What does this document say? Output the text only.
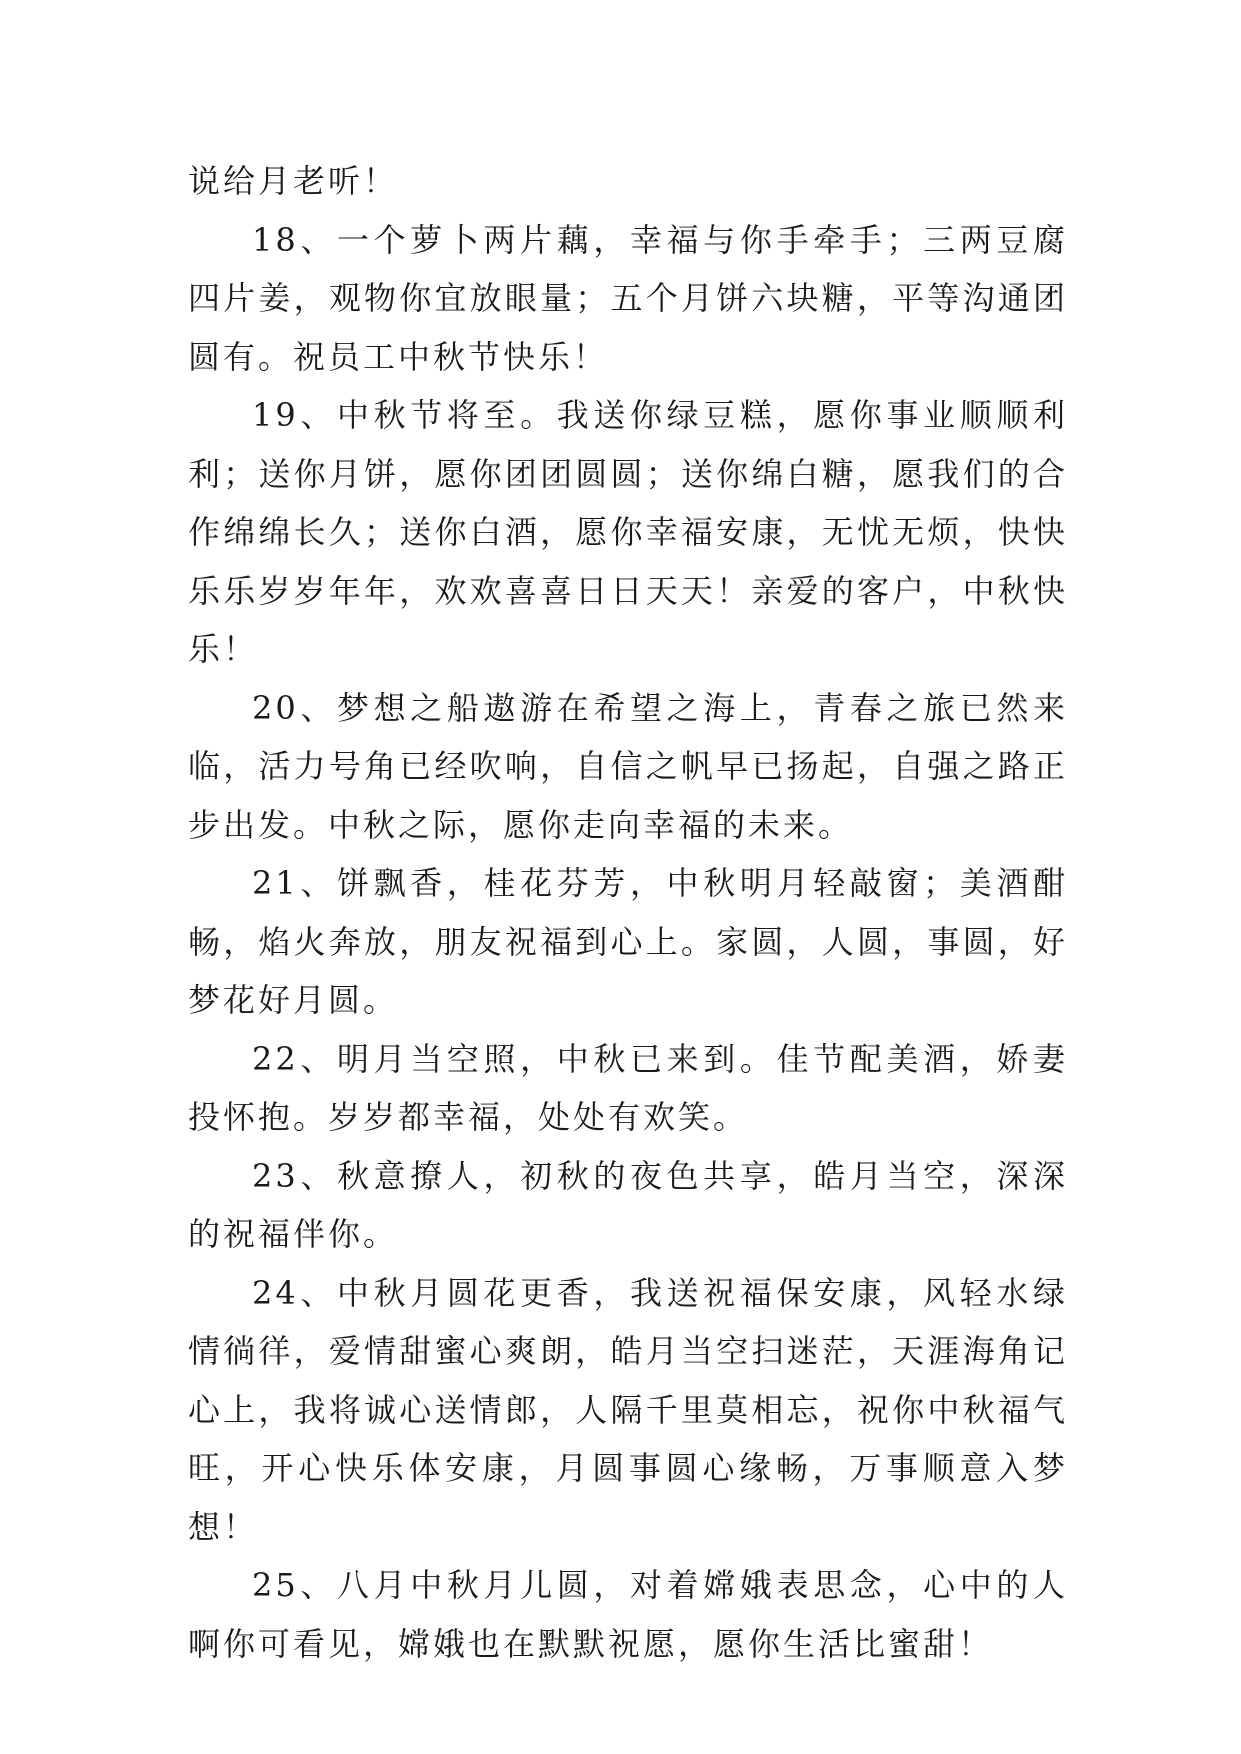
说给月老听！

18、一个萝卜两片藕，幸福与你手牵手；三两豆腐四片姜，观物你宜放眼量；五个月饼六块糖，平等沟通团圆有。祝员工中秋节快乐！

19、中秋节将至。我送你绿豆糕，愿你事业顺顺利利；送你月饼，愿你团团圆圆；送你绵白糖，愿我们的合作绵绵长久；送你白酒，愿你幸福安康，无忧无烦，快快乐乐岁岁年年，欢欢喜喜日日天天！亲爱的客户，中秋快乐！

20、梦想之船遨游在希望之海上，青春之旅已然来临，活力号角已经吹响，自信之帆早已扬起，自强之路正步出发。中秋之际，愿你走向幸福的未来。

21、饼飘香，桂花芬芳，中秋明月轻敲窗；美酒酣畅，焰火奔放，朋友祝福到心上。家圆，人圆，事圆，好梦花好月圆。

22、明月当空照，中秋已来到。佳节配美酒，娇妻投怀抱。岁岁都幸福，处处有欢笑。

23、秋意撩人，初秋的夜色共享，皓月当空，深深的祝福伴你。

24、中秋月圆花更香，我送祝福保安康，风轻水绿情徜徉，爱情甜蜜心爽朗，皓月当空扫迷茫，天涯海角记心上，我将诚心送情郎，人隔千里莫相忘，祝你中秋福气旺，开心快乐体安康，月圆事圆心缘畅，万事顺意入梦想！

25、八月中秋月儿圆，对着嫦娥表思念，心中的人啊你可看见，嫦娥也在默默祝愿，愿你生活比蜜甜！
